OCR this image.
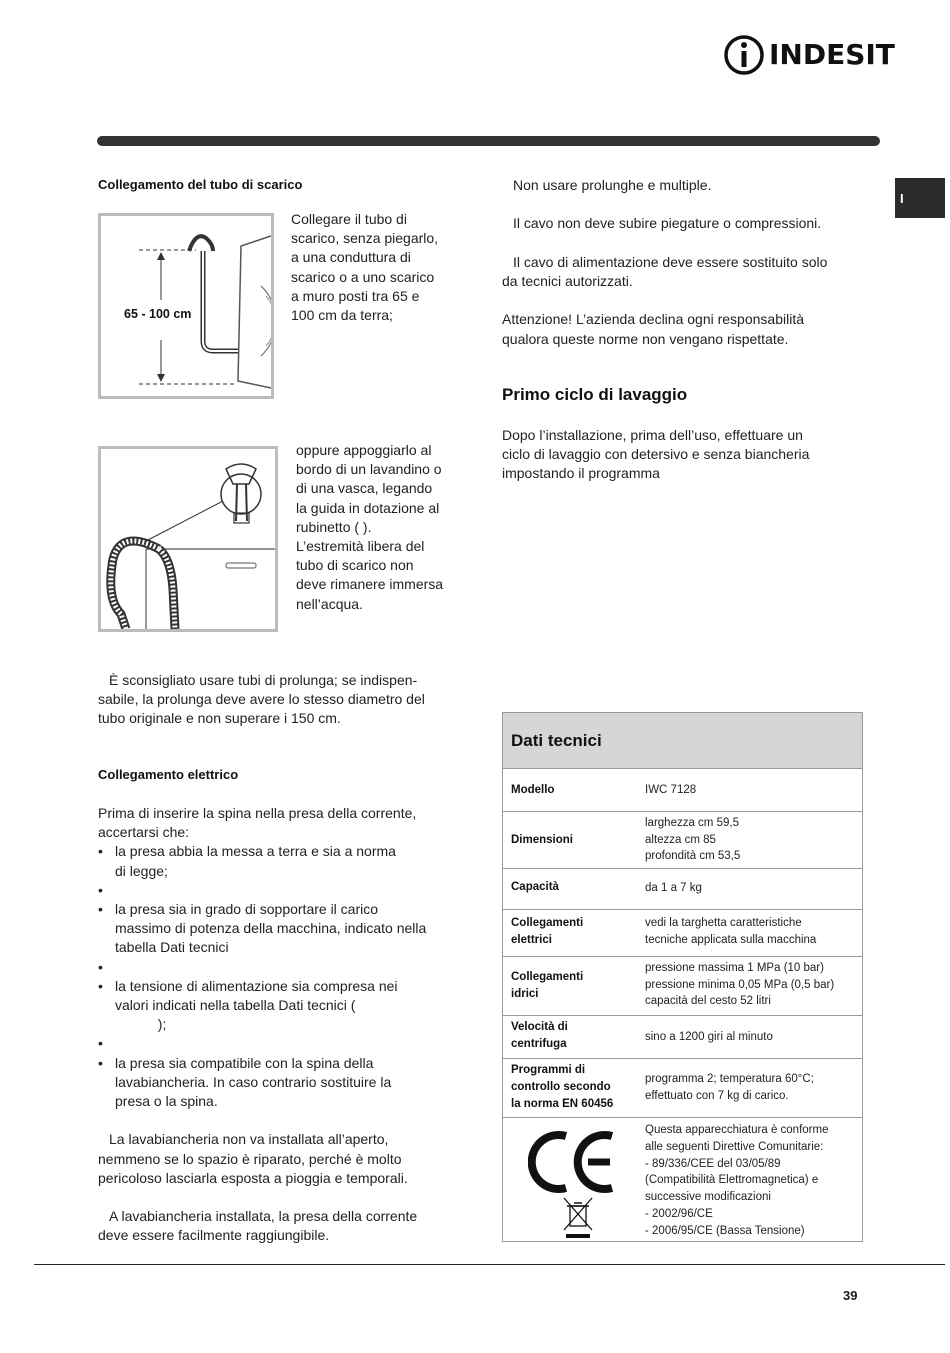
INDESIT
I
Collegamento del tubo di scarico
65 - 100 cm
Collegare il tubo di
scarico, senza piegarlo,
a una conduttura di
scarico o a uno scarico
a muro posti tra 65 e
100 cm da terra;
oppure appoggiarlo al
bordo di un lavandino o
di una vasca, legando
la guida in dotazione al
rubinetto ( ).
L’estremità libera del
tubo di scarico non
deve rimanere immersa
nell’acqua.
È sconsigliato usare tubi di prolunga; se indispen-
sabile, la prolunga deve avere lo stesso diametro del
tubo originale e non superare i 150 cm.
Collegamento elettrico
Prima di inserire la spina nella presa della corrente,
accertarsi che:
• la presa abbia la messa a terra e sia a norma
di legge;
•
• la presa sia in grado di sopportare il carico
massimo di potenza della macchina, indicato nella
tabella Dati tecnici
•
• la tensione di alimentazione sia compresa nei
valori indicati nella tabella Dati tecnici (
);
•
• la presa sia compatibile con la spina della
lavabiancheria. In caso contrario sostituire la
presa o la spina.
La lavabiancheria non va installata all’aperto,
nemmeno se lo spazio è riparato, perché è molto
pericoloso lasciarla esposta a pioggia e temporali.
A lavabiancheria installata, la presa della corrente
deve essere facilmente raggiungibile.
Non usare prolunghe e multiple.
Il cavo non deve subire piegature o compressioni.
Il cavo di alimentazione deve essere sostituito solo
da tecnici autorizzati.
Attenzione! L’azienda declina ogni responsabilità
qualora queste norme non vengano rispettate.
Primo ciclo di lavaggio
Dopo l’installazione, prima dell’uso, effettuare un
ciclo di lavaggio con detersivo e senza biancheria
impostando il programma
Dati tecnici
Modello	IWC 7128
Dimensioni
larghezza cm 59,5
altezza cm 85
profondità cm 53,5
Capacità	da 1 a 7 kg
Collegamenti
elettrici
vedi la targhetta caratteristiche
tecniche applicata sulla macchina
Collegamenti
idrici
pressione massima 1 MPa (10 bar)
pressione minima 0,05 MPa (0,5 bar)
capacità del cesto 52 litri
Velocità di
centrifuga
sino a 1200 giri al minuto
Programmi di
controllo secondo
la norma EN 60456
programma 2; temperatura 60°C;
effettuato con 7 kg di carico.
Questa apparecchiatura è conforme
alle seguenti Direttive Comunitarie:
- 89/336/CEE del 03/05/89
(Compatibilità Elettromagnetica) e
successive modificazioni
- 2002/96/CE
- 2006/95/CE (Bassa Tensione)
39
